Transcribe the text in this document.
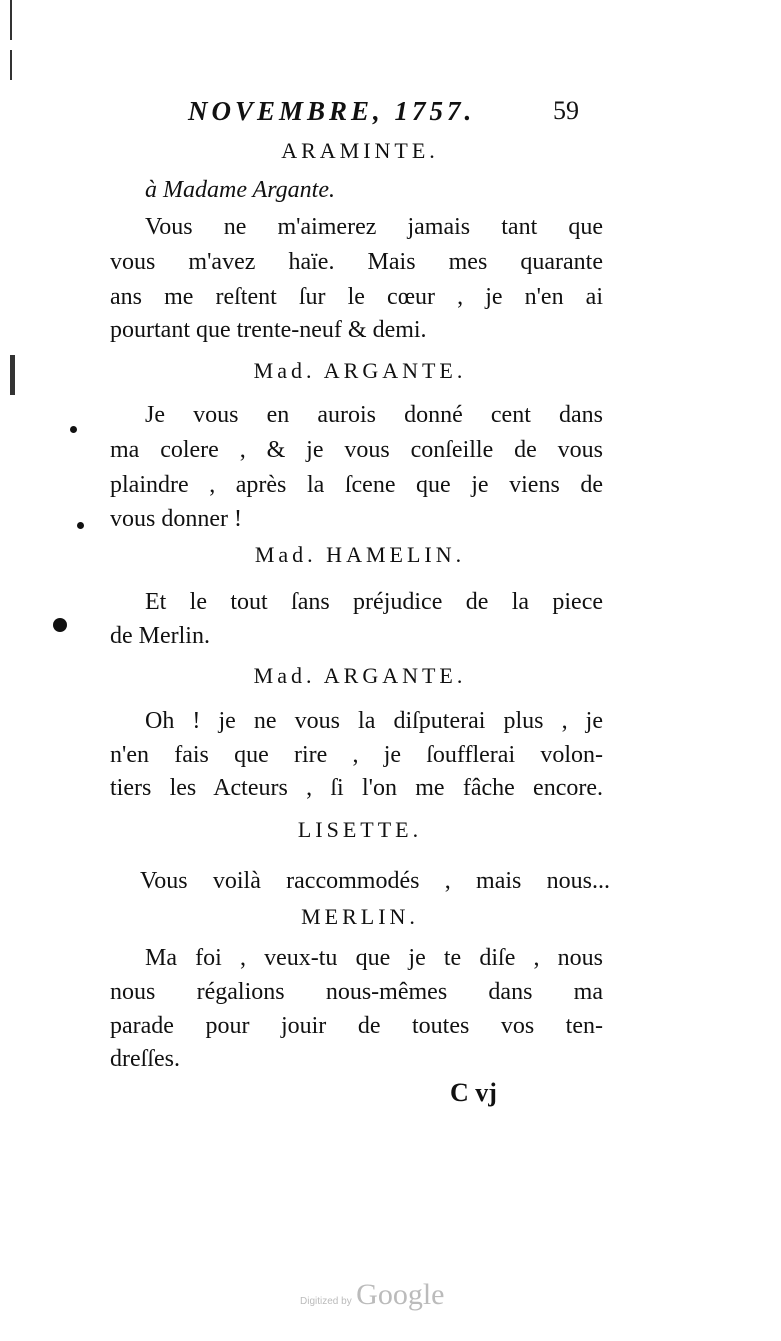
NOVEMBRE, 1757.	59
ARAMINTE.
à Madame Argante.
Vous ne m'aimerez jamais tant que
vous m'avez haïe. Mais mes quarante
ans me reſtent ſur le cœur , je n'en ai
pourtant que trente-neuf & demi.
Mad. ARGANTE.
Je vous en aurois donné cent dans
ma colere , & je vous conſeille de vous
plaindre , après la ſcene que je viens de
vous donner !
Mad. HAMELIN.
Et le tout ſans préjudice de la piece
de Merlin.
Mad. ARGANTE.
Oh ! je ne vous la diſputerai plus , je
n'en fais que rire , je ſoufflerai volon-
tiers les Acteurs , ſi l'on me fâche encore.
LISETTE.
Vous voilà raccommodés , mais nous...
MERLIN.
Ma foi , veux-tu que je te diſe , nous
nous régalions nous-mêmes dans ma
parade pour jouir de toutes vos ten-
dreſſes.
C vj
Digitized by Google
